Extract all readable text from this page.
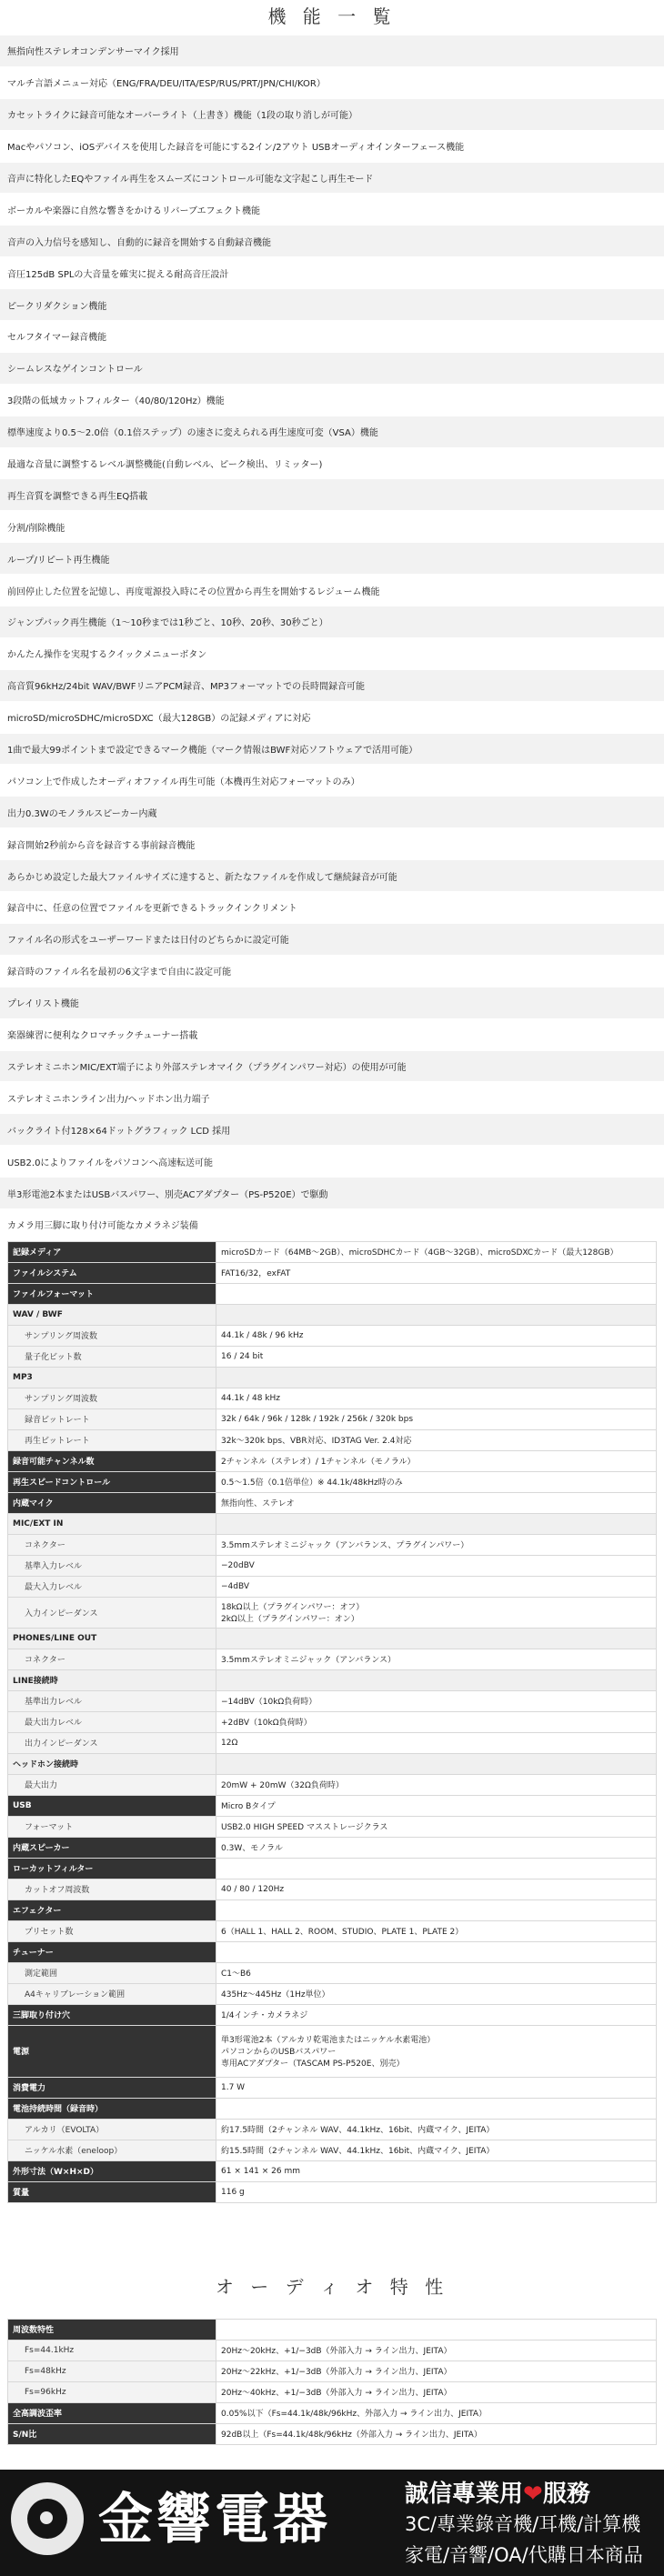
機 能 一 覧
無指向性ステレオコンデンサーマイク採用
マルチ言語メニュー対応（ENG/FRA/DEU/ITA/ESP/RUS/PRT/JPN/CHI/KOR）
カセットライクに録音可能なオーバーライト（上書き）機能（1段の取り消しが可能）
Macやパソコン、iOSデバイスを使用した録音を可能にする2イン/2アウト USBオーディオインターフェース機能
音声に特化したEQやファイル再生をスムーズにコントロール可能な文字起こし再生モード
ボーカルや楽器に自然な響きをかけるリバーブエフェクト機能
音声の入力信号を感知し、自動的に録音を開始する自動録音機能
音圧125dB SPLの大音量を確実に捉える耐高音圧設計
ピークリダクション機能
セルフタイマー録音機能
シームレスなゲインコントロール
3段階の低域カットフィルター（40/80/120Hz）機能
標準速度より0.5〜2.0倍（0.1倍ステップ）の速さに変えられる再生速度可変（VSA）機能
最適な音量に調整するレベル調整機能(自動レベル、ピーク検出、リミッター)
再生音質を調整できる再生EQ搭載
分割/削除機能
ループ/リピート再生機能
前回停止した位置を記憶し、再度電源投入時にその位置から再生を開始するレジューム機能
ジャンプバック再生機能（1〜10秒までは1秒ごと、10秒、20秒、30秒ごと）
かんたん操作を実現するクイックメニューボタン
高音質96kHz/24bit WAV/BWFリニアPCM録音、MP3フォーマットでの長時間録音可能
microSD/microSDHC/microSDXC（最大128GB）の記録メディアに対応
1曲で最大99ポイントまで設定できるマーク機能（マーク情報はBWF対応ソフトウェアで活用可能）
パソコン上で作成したオーディオファイル再生可能（本機再生対応フォーマットのみ）
出力0.3Wのモノラルスピーカー内蔵
録音開始2秒前から音を録音する事前録音機能
あらかじめ設定した最大ファイルサイズに達すると、新たなファイルを作成して継続録音が可能
録音中に、任意の位置でファイルを更新できるトラックインクリメント
ファイル名の形式をユーザーワードまたは日付のどちらかに設定可能
録音時のファイル名を最初の6文字まで自由に設定可能
プレイリスト機能
楽器練習に便利なクロマチックチューナー搭載
ステレオミニホンMIC/EXT端子により外部ステレオマイク（プラグインパワー対応）の使用が可能
ステレオミニホンライン出力/ヘッドホン出力端子
バックライト付128×64ドットグラフィック LCD 採用
USB2.0によりファイルをパソコンへ高速転送可能
単3形電池2本またはUSBバスパワー、別売ACアダプター（PS-P520E）で駆動
カメラ用三脚に取り付け可能なカメラネジ装備
記録メディア	microSDカード（64MB〜2GB）、microSDHCカード（4GB〜32GB）、microSDXCカード（最大128GB）
ファイルシステム	FAT16/32，exFAT
ファイルフォーマット	
WAV / BWF	
サンプリング周波数	44.1k / 48k / 96 kHz
量子化ビット数	16 / 24 bit
MP3	
サンプリング周波数	44.1k / 48 kHz
録音ビットレート	32k / 64k / 96k / 128k / 192k / 256k / 320k bps
再生ビットレート	32k〜320k bps、VBR対応、ID3TAG Ver. 2.4対応
録音可能チャンネル数	2チャンネル（ステレオ）/ 1チャンネル（モノラル）
再生スピードコントロール	0.5〜1.5倍（0.1倍単位）※ 44.1k/48kHz時のみ
内蔵マイク	無指向性、ステレオ
MIC/EXT IN	
コネクター	3.5mmステレオミニジャック（アンバランス、プラグインパワー）
基準入力レベル	−20dBV
最大入力レベル	−4dBV
入力インピーダンス	18kΩ以上（プラグインパワー：オフ）
2kΩ以上（プラグインパワー：オン）

PHONES/LINE OUT	
コネクター	3.5mmステレオミニジャック（アンバランス）
LINE接続時	
基準出力レベル	−14dBV（10kΩ負荷時）
最大出力レベル	+2dBV（10kΩ負荷時）
出力インピーダンス	12Ω
ヘッドホン接続時	
最大出力	20mW + 20mW（32Ω負荷時）
USB	Micro Bタイプ
フォーマット	USB2.0 HIGH SPEED マスストレージクラス
内蔵スピーカー	0.3W、モノラル
ローカットフィルター	
カットオフ周波数	40 / 80 / 120Hz
エフェクター	
プリセット数	6（HALL 1、HALL 2、ROOM、STUDIO、PLATE 1、PLATE 2）
チューナー	
測定範囲	C1〜B6
A4キャリブレーション範囲	435Hz〜445Hz（1Hz単位）
三脚取り付け穴	1/4インチ・カメラネジ
電源	単3形電池2本（アルカリ乾電池またはニッケル水素電池）
パソコンからのUSBバスパワー
専用ACアダプター（TASCAM PS-P520E、別売）

消費電力	1.7 W
電池持続時間（録音時）	
アルカリ（EVOLTA）	約17.5時間（2チャンネル WAV、44.1kHz、16bit、内蔵マイク、JEITA）
ニッケル水素（eneloop）	約15.5時間（2チャンネル WAV、44.1kHz、16bit、内蔵マイク、JEITA）
外形寸法（W×H×D）	61 × 141 × 26 mm
質量	116 g
オ ー デ ィ オ 特 性
周波数特性	
Fs=44.1kHz	20Hz〜20kHz、+1/−3dB（外部入力 → ライン出力、JEITA）
Fs=48kHz	20Hz〜22kHz、+1/−3dB（外部入力 → ライン出力、JEITA）
Fs=96kHz	20Hz〜40kHz、+1/−3dB（外部入力 → ライン出力、JEITA）
全高調波歪率	0.05%以下（Fs=44.1k/48k/96kHz、外部入力 → ライン出力、JEITA）
S/N比	92dB以上（Fs=44.1k/48k/96kHz（外部入力 → ライン出力、JEITA）
金響電器	誠信專業用❤服務
3C/專業錄音機/耳機/計算機
家電/音響/OA/代購日本商品
